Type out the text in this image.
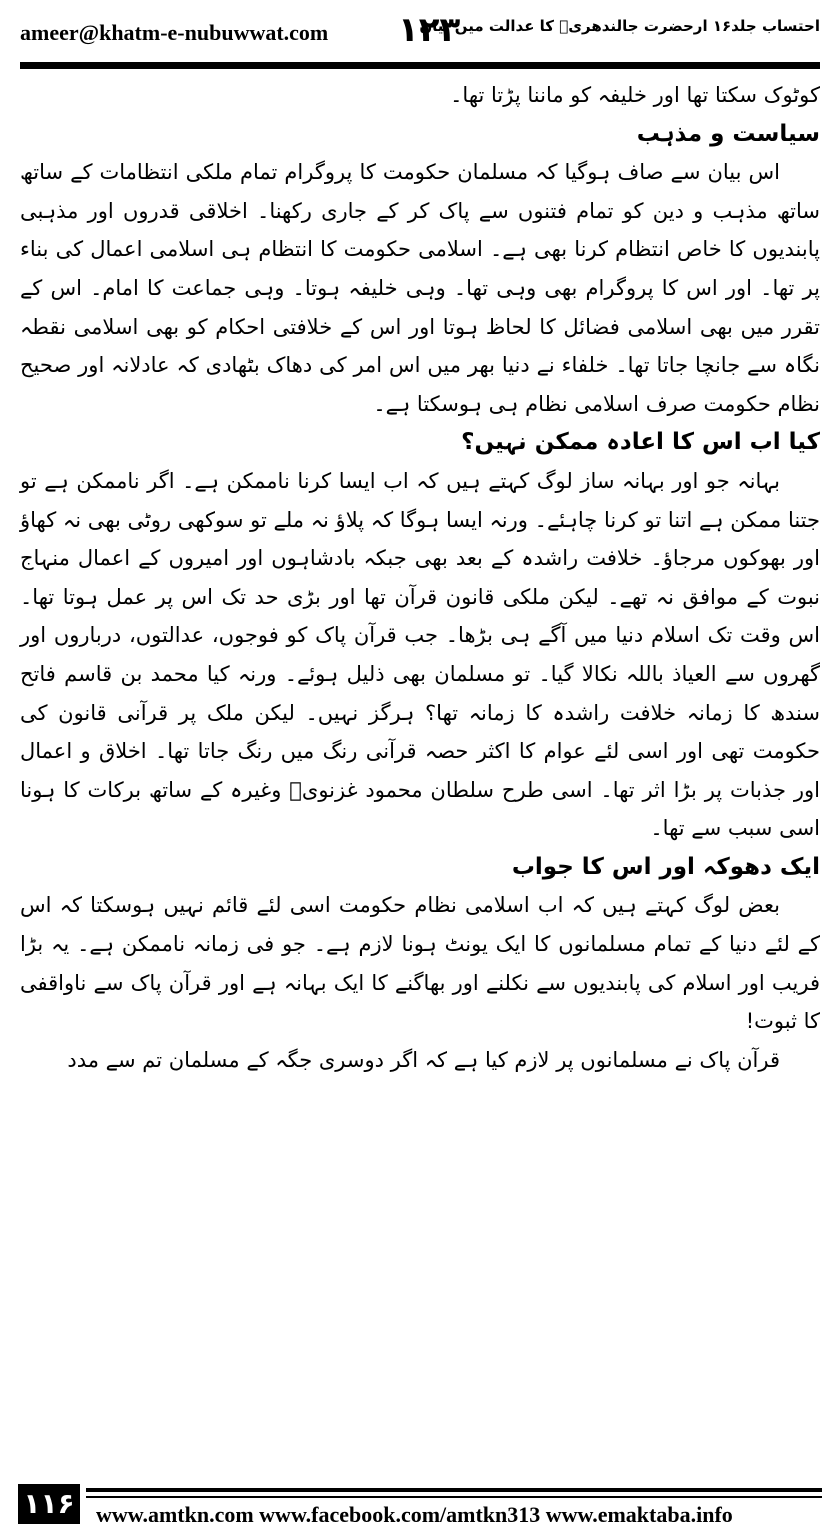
ameer@khatm-e-nubuwwat.com ۱۲۳
احتساب جلد۱۶ ارحضرت جالندھریؒ کا عدالت میں بیان

کوٹوک سکتا تھا اور خلیفہ کو ماننا پڑتا تھا۔

سیاست و مذہب

اس بیان سے صاف ہوگیا کہ مسلمان حکومت کا پروگرام تمام ملکی انتظامات کے ساتھ ساتھ مذہب و دین کو تمام فتنوں سے پاک کر کے جاری رکھنا۔ اخلاقی قدروں اور مذہبی پابندیوں کا خاص انتظام کرنا بھی ہے۔ اسلامی حکومت کا انتظام ہی اسلامی اعمال کی بناء پر تھا۔ اور اس کا پروگرام بھی وہی تھا۔ وہی خلیفہ ہوتا۔ وہی جماعت کا امام۔ اس کے تقرر میں بھی اسلامی فضائل کا لحاظ ہوتا اور اس کے خلافتی احکام کو بھی اسلامی نقطہ نگاہ سے جانچا جاتا تھا۔ خلفاء نے دنیا بھر میں اس امر کی دھاک بٹھادی کہ عادلانہ اور صحیح نظام حکومت صرف اسلامی نظام ہی ہوسکتا ہے۔

کیا اب اس کا اعادہ ممکن نہیں؟

بہانہ جو اور بہانہ ساز لوگ کہتے ہیں کہ اب ایسا کرنا ناممکن ہے۔ اگر ناممکن ہے تو جتنا ممکن ہے اتنا تو کرنا چاہئے۔ ورنہ ایسا ہوگا کہ پلاؤ نہ ملے تو سوکھی روٹی بھی نہ کھاؤ اور بھوکوں مرجاؤ۔ خلافت راشدہ کے بعد بھی جبکہ بادشاہوں اور امیروں کے اعمال منہاج نبوت کے موافق نہ تھے۔ لیکن ملکی قانون قرآن تھا اور بڑی حد تک اس پر عمل ہوتا تھا۔ اس وقت تک اسلام دنیا میں آگے ہی بڑھا۔ جب قرآن پاک کو فوجوں، عدالتوں، درباروں اور گھروں سے العیاذ باللہ نکالا گیا۔ تو مسلمان بھی ذلیل ہوئے۔ ورنہ کیا محمد بن قاسم فاتح سندھ کا زمانہ خلافت راشدہ کا زمانہ تھا؟ ہرگز نہیں۔ لیکن ملک پر قرآنی قانون کی حکومت تھی اور اسی لئے عوام کا اکثر حصہ قرآنی رنگ میں رنگ جاتا تھا۔ اخلاق و اعمال اور جذبات پر بڑا اثر تھا۔ اسی طرح سلطان محمود غزنویؒ وغیرہ کے ساتھ برکات کا ہونا اسی سبب سے تھا۔

ایک دھوکہ اور اس کا جواب

بعض لوگ کہتے ہیں کہ اب اسلامی نظام حکومت اسی لئے قائم نہیں ہوسکتا کہ اس کے لئے دنیا کے تمام مسلمانوں کا ایک یونٹ ہونا لازم ہے۔ جو فی زمانہ ناممکن ہے۔ یہ بڑا فریب اور اسلام کی پابندیوں سے نکلنے اور بھاگنے کا ایک بہانہ ہے اور قرآن پاک سے ناواقفی کا ثبوت!

قرآن پاک نے مسلمانوں پر لازم کیا ہے کہ اگر دوسری جگہ کے مسلمان تم سے مدد

۱۱۶ www.amtkn.com www.facebook.com/amtkn313 www.emaktaba.info
